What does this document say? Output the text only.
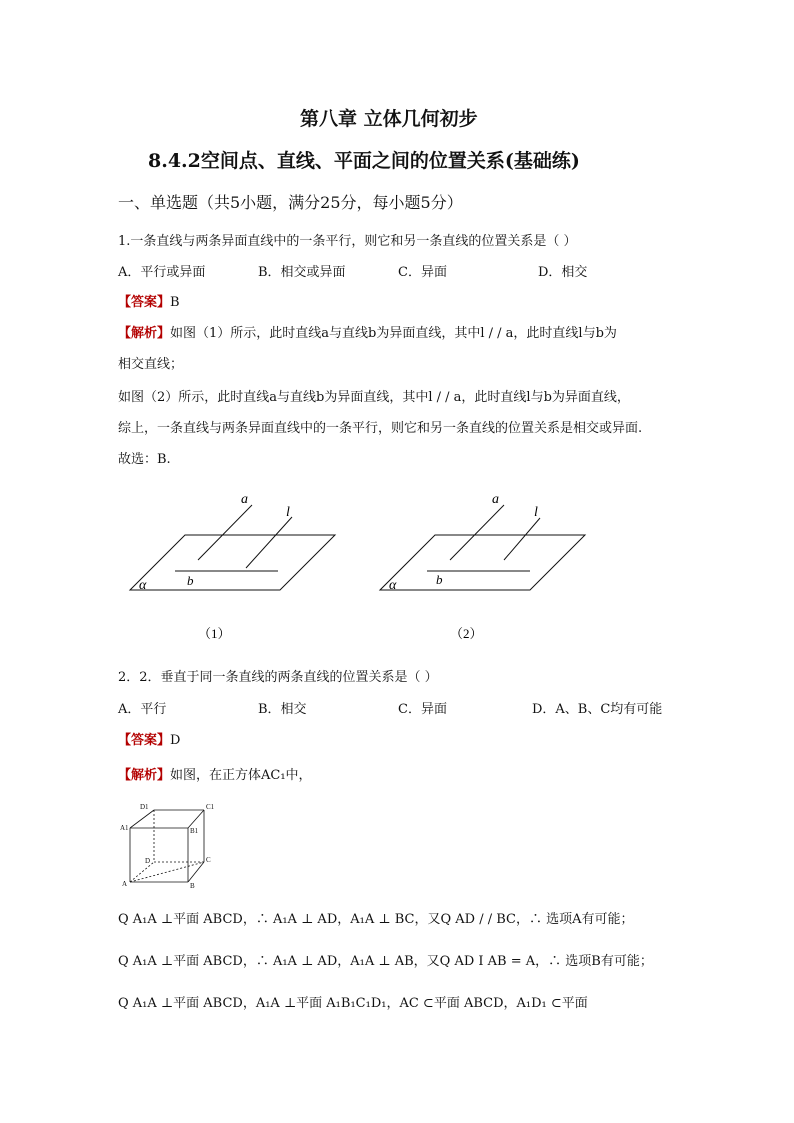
第八章 立体几何初步
8.4.2空间点、直线、平面之间的位置关系(基础练)
一、单选题（共5小题，满分25分，每小题5分）
1.一条直线与两条异面直线中的一条平行，则它和另一条直线的位置关系是（ ）
A．平行或异面	B．相交或异面	C．异面	D．相交
【答案】B
【解析】如图（1）所示，此时直线a与直线b为异面直线，其中l / / a，此时直线l与b为
相交直线；
如图（2）所示，此时直线a与直线b为异面直线，其中l / / a，此时直线l与b为异面直线，
综上，一条直线与两条异面直线中的一条平行，则它和另一条直线的位置关系是相交或异面.
故选：B.
a
l
b
α
（1）
a
l
b
α
（2）
2．2．垂直于同一条直线的两条直线的位置关系是（ ）
A．平行	B．相交	C．异面	D．A、B、C均有可能
【答案】D
【解析】如图，在正方体AC₁中，
D1	C1
A1	B1
D	C
A	B
Q A₁A ⊥平面 ABCD，∴ A₁A ⊥ AD，A₁A ⊥ BC，又Q AD / / BC，∴ 选项A有可能；
Q A₁A ⊥平面 ABCD，∴ A₁A ⊥ AD，A₁A ⊥ AB，又Q AD I AB = A，∴ 选项B有可能；
Q A₁A ⊥平面 ABCD，A₁A ⊥平面 A₁B₁C₁D₁，AC ⊂平面 ABCD，A₁D₁ ⊂平面
